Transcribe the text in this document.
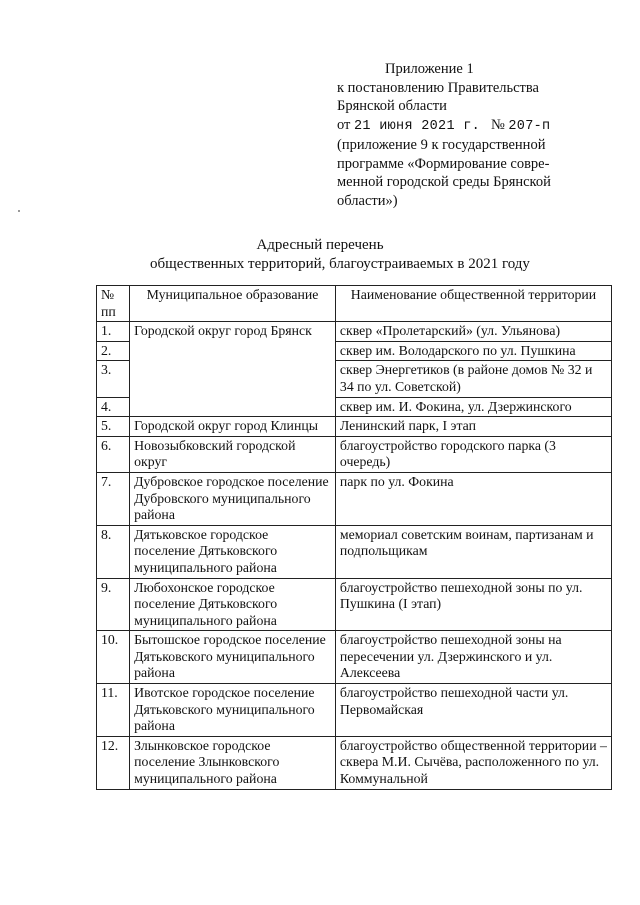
Приложение 1
к постановлению Правительства
Брянской области
от 21 июня 2021 г. № 207-п
(приложение 9 к государственной
программе «Формирование совре-
менной городской среды Брянской
области»)
Адресный перечень
общественных территорий, благоустраиваемых в 2021 году
№ пп	Муниципальное образование	Наименование общественной территории
1.	Городской округ город Брянск	сквер «Пролетарский» (ул. Ульянова)
2.		сквер им. Володарского по ул. Пушкина
3.		сквер Энергетиков (в районе домов № 32 и 34 по ул. Советской)
4.		сквер им. И. Фокина, ул. Дзержинского
5.	Городской округ город Клинцы	Ленинский парк, I этап
6.	Новозыбковский городской округ	благоустройство городского парка (3 очередь)
7.	Дубровское городское поселение Дубровского муниципального района	парк по ул. Фокина
8.	Дятьковское городское поселение Дятьковского муниципального района	мемориал советским воинам, партизанам и подпольщикам
9.	Любохонское городское поселение Дятьковского муниципального района	благоустройство пешеходной зоны по ул. Пушкина (I этап)
10.	Бытошское городское поселение Дятьковского муниципального района	благоустройство пешеходной зоны на пересечении ул. Дзержинского и ул. Алексеева
11.	Ивотское городское поселение Дятьковского муниципального района	благоустройство пешеходной части ул. Первомайская
12.	Злынковское городское поселение Злынковского муниципального района	благоустройство общественной территории – сквера М.И. Сычёва, расположенного по ул. Коммунальной
